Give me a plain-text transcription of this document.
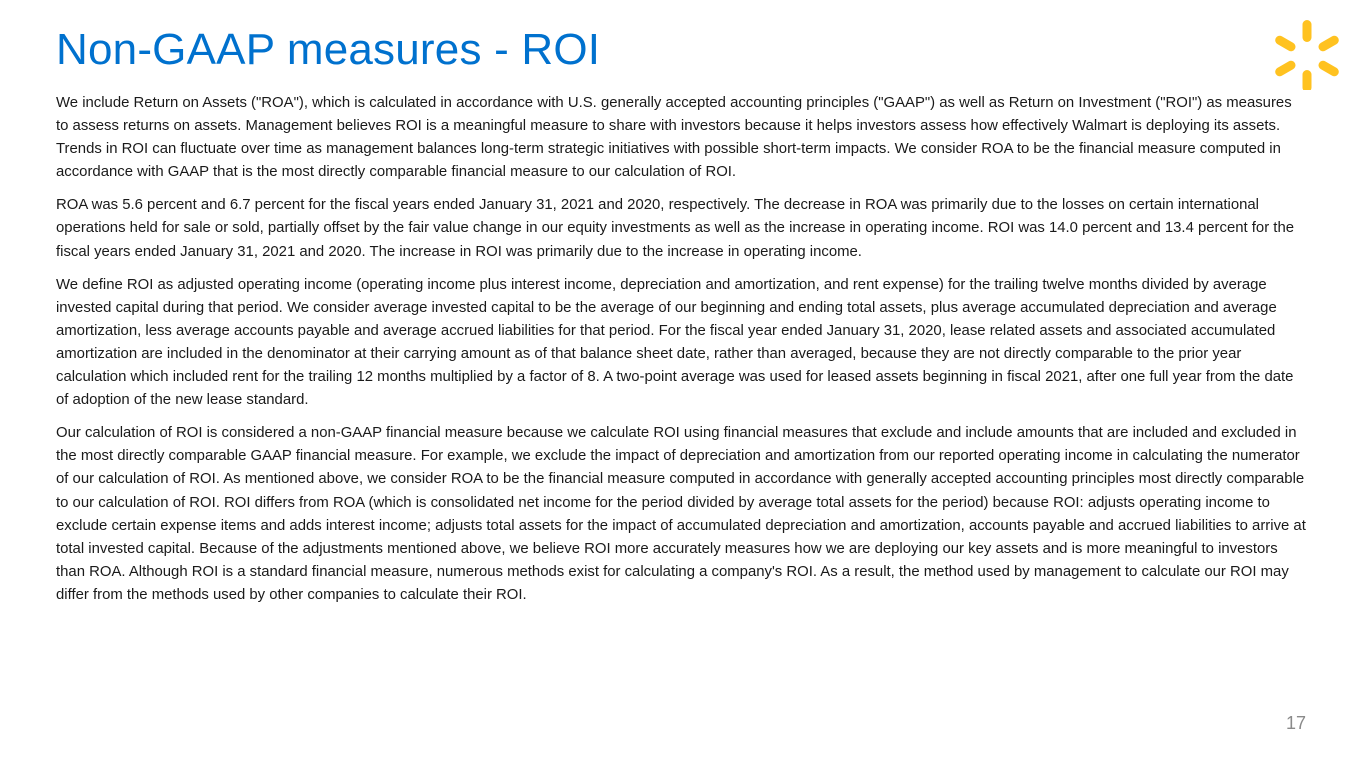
Non-GAAP measures - ROI

We include Return on Assets ("ROA"), which is calculated in accordance with U.S. generally accepted accounting principles ("GAAP") as well as Return on Investment ("ROI") as measures to assess returns on assets. Management believes ROI is a meaningful measure to share with investors because it helps investors assess how effectively Walmart is deploying its assets. Trends in ROI can fluctuate over time as management balances long-term strategic initiatives with possible short-term impacts. We consider ROA to be the financial measure computed in accordance with GAAP that is the most directly comparable financial measure to our calculation of ROI.

ROA was 5.6 percent and 6.7 percent for the fiscal years ended January 31, 2021 and 2020, respectively. The decrease in ROA was primarily due to the losses on certain international operations held for sale or sold, partially offset by the fair value change in our equity investments as well as the increase in operating income. ROI was 14.0 percent and 13.4 percent for the fiscal years ended January 31, 2021 and 2020. The increase in ROI was primarily due to the increase in operating income.

We define ROI as adjusted operating income (operating income plus interest income, depreciation and amortization, and rent expense) for the trailing twelve months divided by average invested capital during that period. We consider average invested capital to be the average of our beginning and ending total assets, plus average accumulated depreciation and average amortization, less average accounts payable and average accrued liabilities for that period. For the fiscal year ended January 31, 2020, lease related assets and associated accumulated amortization are included in the denominator at their carrying amount as of that balance sheet date, rather than averaged, because they are not directly comparable to the prior year calculation which included rent for the trailing 12 months multiplied by a factor of 8. A two-point average was used for leased assets beginning in fiscal 2021, after one full year from the date of adoption of the new lease standard.

Our calculation of ROI is considered a non-GAAP financial measure because we calculate ROI using financial measures that exclude and include amounts that are included and excluded in the most directly comparable GAAP financial measure. For example, we exclude the impact of depreciation and amortization from our reported operating income in calculating the numerator of our calculation of ROI. As mentioned above, we consider ROA to be the financial measure computed in accordance with generally accepted accounting principles most directly comparable to our calculation of ROI. ROI differs from ROA (which is consolidated net income for the period divided by average total assets for the period) because ROI: adjusts operating income to exclude certain expense items and adds interest income; adjusts total assets for the impact of accumulated depreciation and amortization, accounts payable and accrued liabilities to arrive at total invested capital. Because of the adjustments mentioned above, we believe ROI more accurately measures how we are deploying our key assets and is more meaningful to investors than ROA. Although ROI is a standard financial measure, numerous methods exist for calculating a company's ROI. As a result, the method used by management to calculate our ROI may differ from the methods used by other companies to calculate their ROI.

17
